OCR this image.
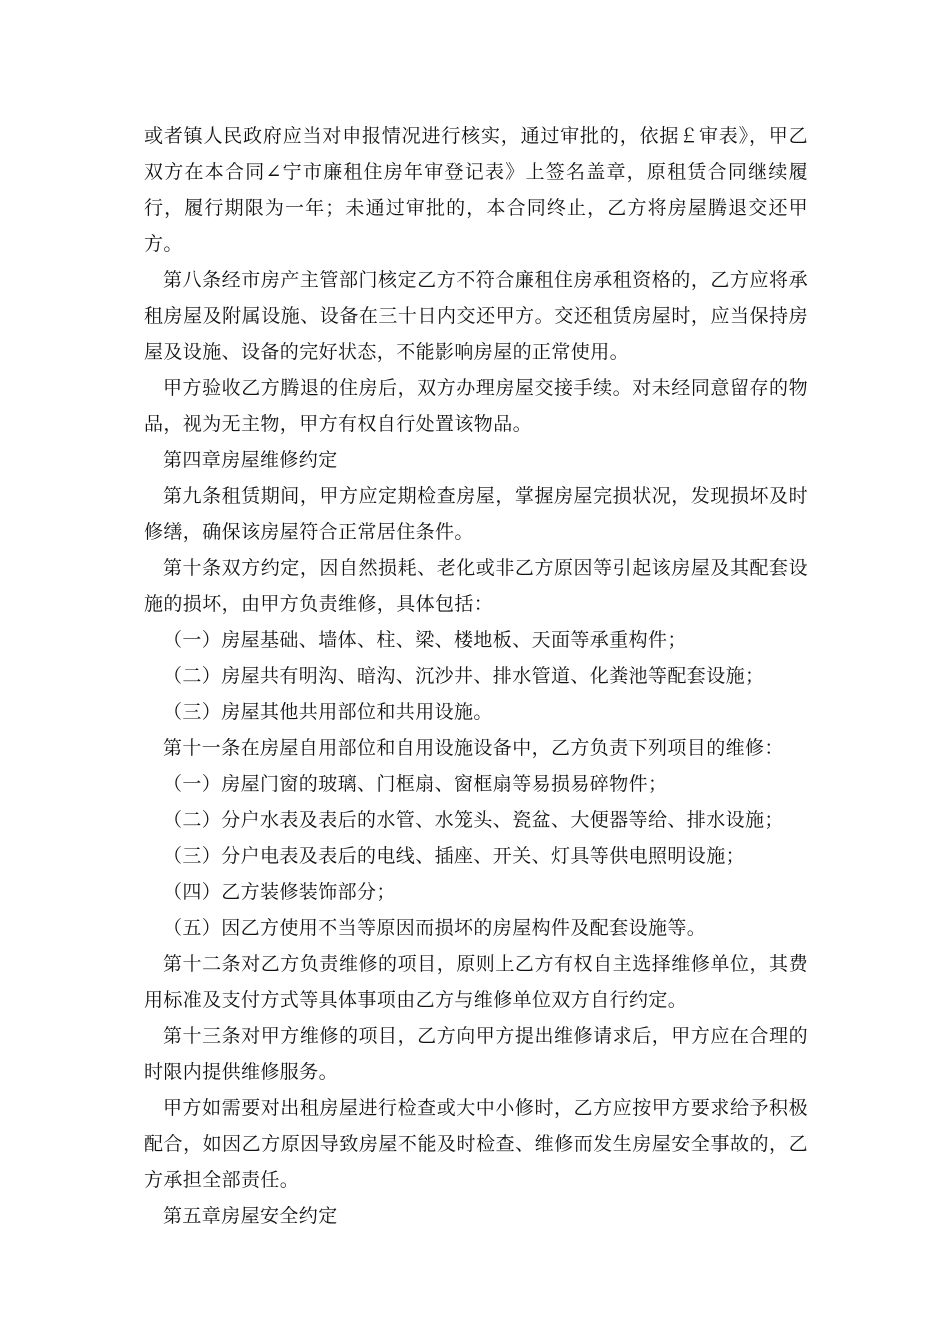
或者镇人民政府应当对申报情况进行核实，通过审批的，依据￡审表》，甲乙双方在本合同∠宁市廉租住房年审登记表》上签名盖章，原租赁合同继续履行，履行期限为一年；未通过审批的，本合同终止，乙方将房屋腾退交还甲方。

第八条经市房产主管部门核定乙方不符合廉租住房承租资格的，乙方应将承租房屋及附属设施、设备在三十日内交还甲方。交还租赁房屋时，应当保持房屋及设施、设备的完好状态，不能影响房屋的正常使用。

甲方验收乙方腾退的住房后，双方办理房屋交接手续。对未经同意留存的物品，视为无主物，甲方有权自行处置该物品。

第四章房屋维修约定

第九条租赁期间，甲方应定期检查房屋，掌握房屋完损状况，发现损坏及时修缮，确保该房屋符合正常居住条件。

第十条双方约定，因自然损耗、老化或非乙方原因等引起该房屋及其配套设施的损坏，由甲方负责维修，具体包括：

（一）房屋基础、墙体、柱、梁、楼地板、天面等承重构件；

（二）房屋共有明沟、暗沟、沉沙井、排水管道、化粪池等配套设施；

（三）房屋其他共用部位和共用设施。

第十一条在房屋自用部位和自用设施设备中，乙方负责下列项目的维修：

（一）房屋门窗的玻璃、门框扇、窗框扇等易损易碎物件；

（二）分户水表及表后的水管、水笼头、瓷盆、大便器等给、排水设施；

（三）分户电表及表后的电线、插座、开关、灯具等供电照明设施；

（四）乙方装修装饰部分；

（五）因乙方使用不当等原因而损坏的房屋构件及配套设施等。

第十二条对乙方负责维修的项目，原则上乙方有权自主选择维修单位，其费用标准及支付方式等具体事项由乙方与维修单位双方自行约定。

第十三条对甲方维修的项目，乙方向甲方提出维修请求后，甲方应在合理的时限内提供维修服务。

甲方如需要对出租房屋进行检查或大中小修时，乙方应按甲方要求给予积极配合，如因乙方原因导致房屋不能及时检查、维修而发生房屋安全事故的，乙方承担全部责任。

第五章房屋安全约定
